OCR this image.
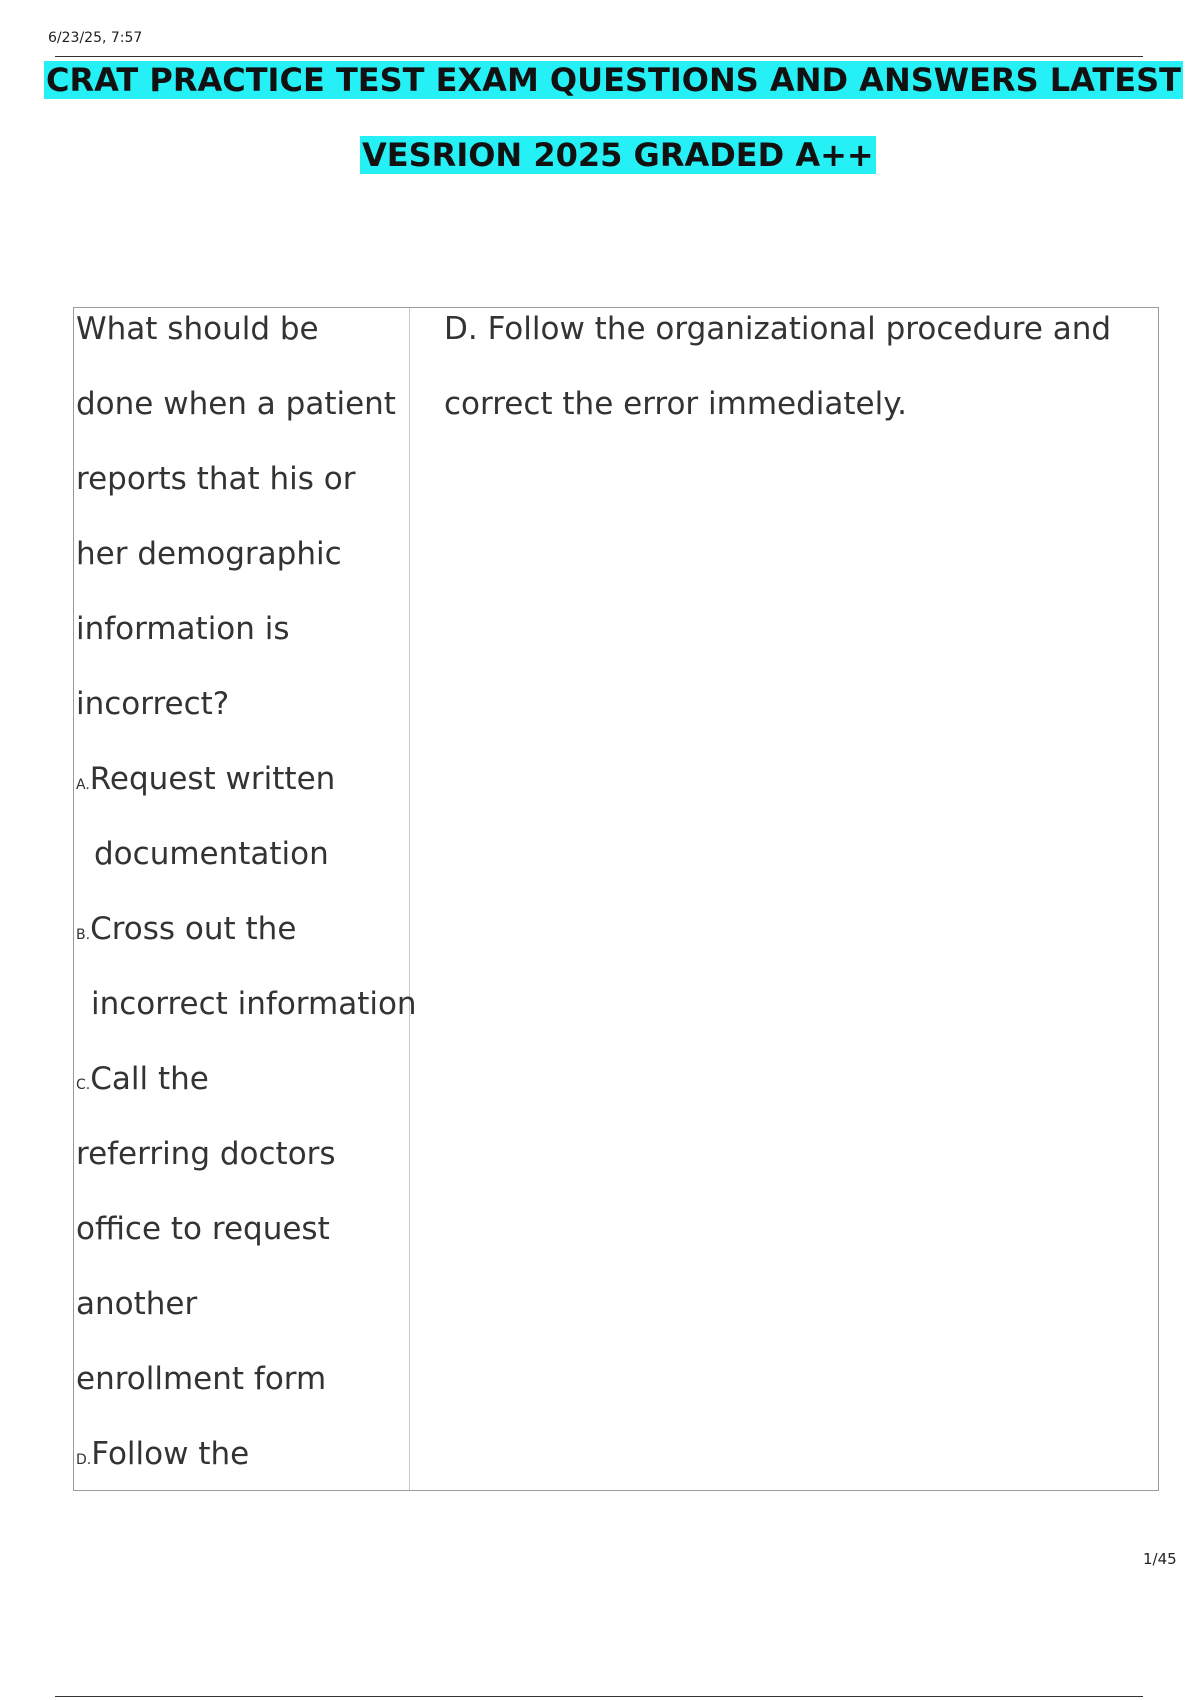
6/23/25, 7:57
CRAT PRACTICE TEST EXAM QUESTIONS AND ANSWERS LATEST
VESRION 2025 GRADED A++
What should be
done when a patient
reports that his or
her demographic
information is
incorrect?
A.Request written
documentation
B.Cross out the
incorrect information
C.Call the
referring doctors
office to request
another
enrollment form
D.Follow the
D. Follow the organizational procedure and
correct the error immediately.
1/45
